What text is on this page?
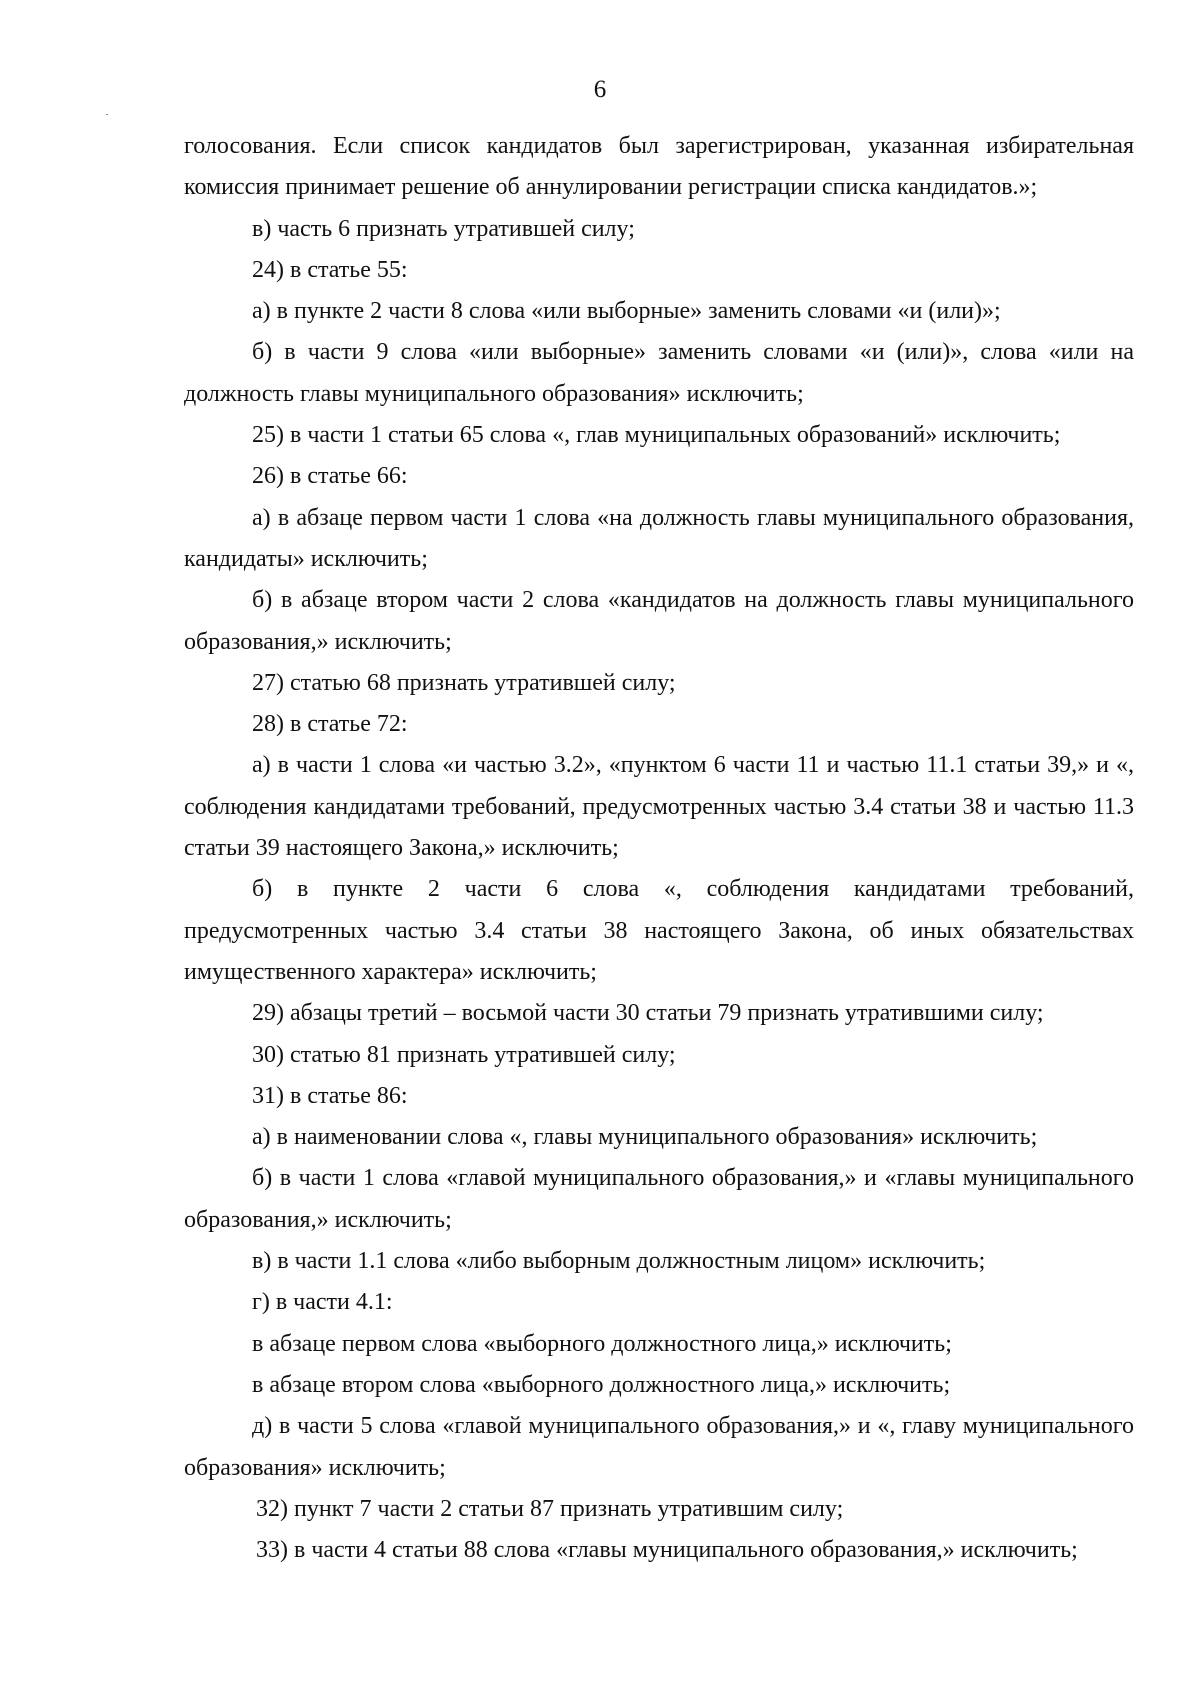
6

голосования. Если список кандидатов был зарегистрирован, указанная избирательная комиссия принимает решение об аннулировании регистрации списка кандидатов.»;

в) часть 6 признать утратившей силу;

24) в статье 55:

а) в пункте 2 части 8 слова «или выборные» заменить словами «и (или)»;

б) в части 9 слова «или выборные» заменить словами «и (или)», слова «или на должность главы муниципального образования» исключить;

25) в части 1 статьи 65 слова «, глав муниципальных образований» исключить;

26) в статье 66:

а) в абзаце первом части 1 слова «на должность главы муниципального образования, кандидаты» исключить;

б) в абзаце втором части 2 слова «кандидатов на должность главы муниципального образования,» исключить;

27) статью 68 признать утратившей силу;

28) в статье 72:

а) в части 1 слова «и частью 3.2», «пунктом 6 части 11 и частью 11.1 статьи 39,» и «, соблюдения кандидатами требований, предусмотренных частью 3.4 статьи 38 и частью 11.3 статьи 39 настоящего Закона,» исключить;

б) в пункте 2 части 6 слова «, соблюдения кандидатами требований, предусмотренных частью 3.4 статьи 38 настоящего Закона, об иных обязательствах имущественного характера» исключить;

29) абзацы третий – восьмой части 30 статьи 79 признать утратившими силу;

30) статью 81 признать утратившей силу;

31) в статье 86:

а) в наименовании слова «, главы муниципального образования» исключить;

б) в части 1 слова «главой муниципального образования,» и «главы муниципального образования,» исключить;

в) в части 1.1 слова «либо выборным должностным лицом» исключить;

г) в части 4.1:

в абзаце первом слова «выборного должностного лица,» исключить;

в абзаце втором слова «выборного должностного лица,» исключить;

д) в части 5 слова «главой муниципального образования,» и «, главу муниципального образования» исключить;

32) пункт 7 части 2 статьи 87 признать утратившим силу;

33) в части 4 статьи 88 слова «главы муниципального образования,» исключить;
